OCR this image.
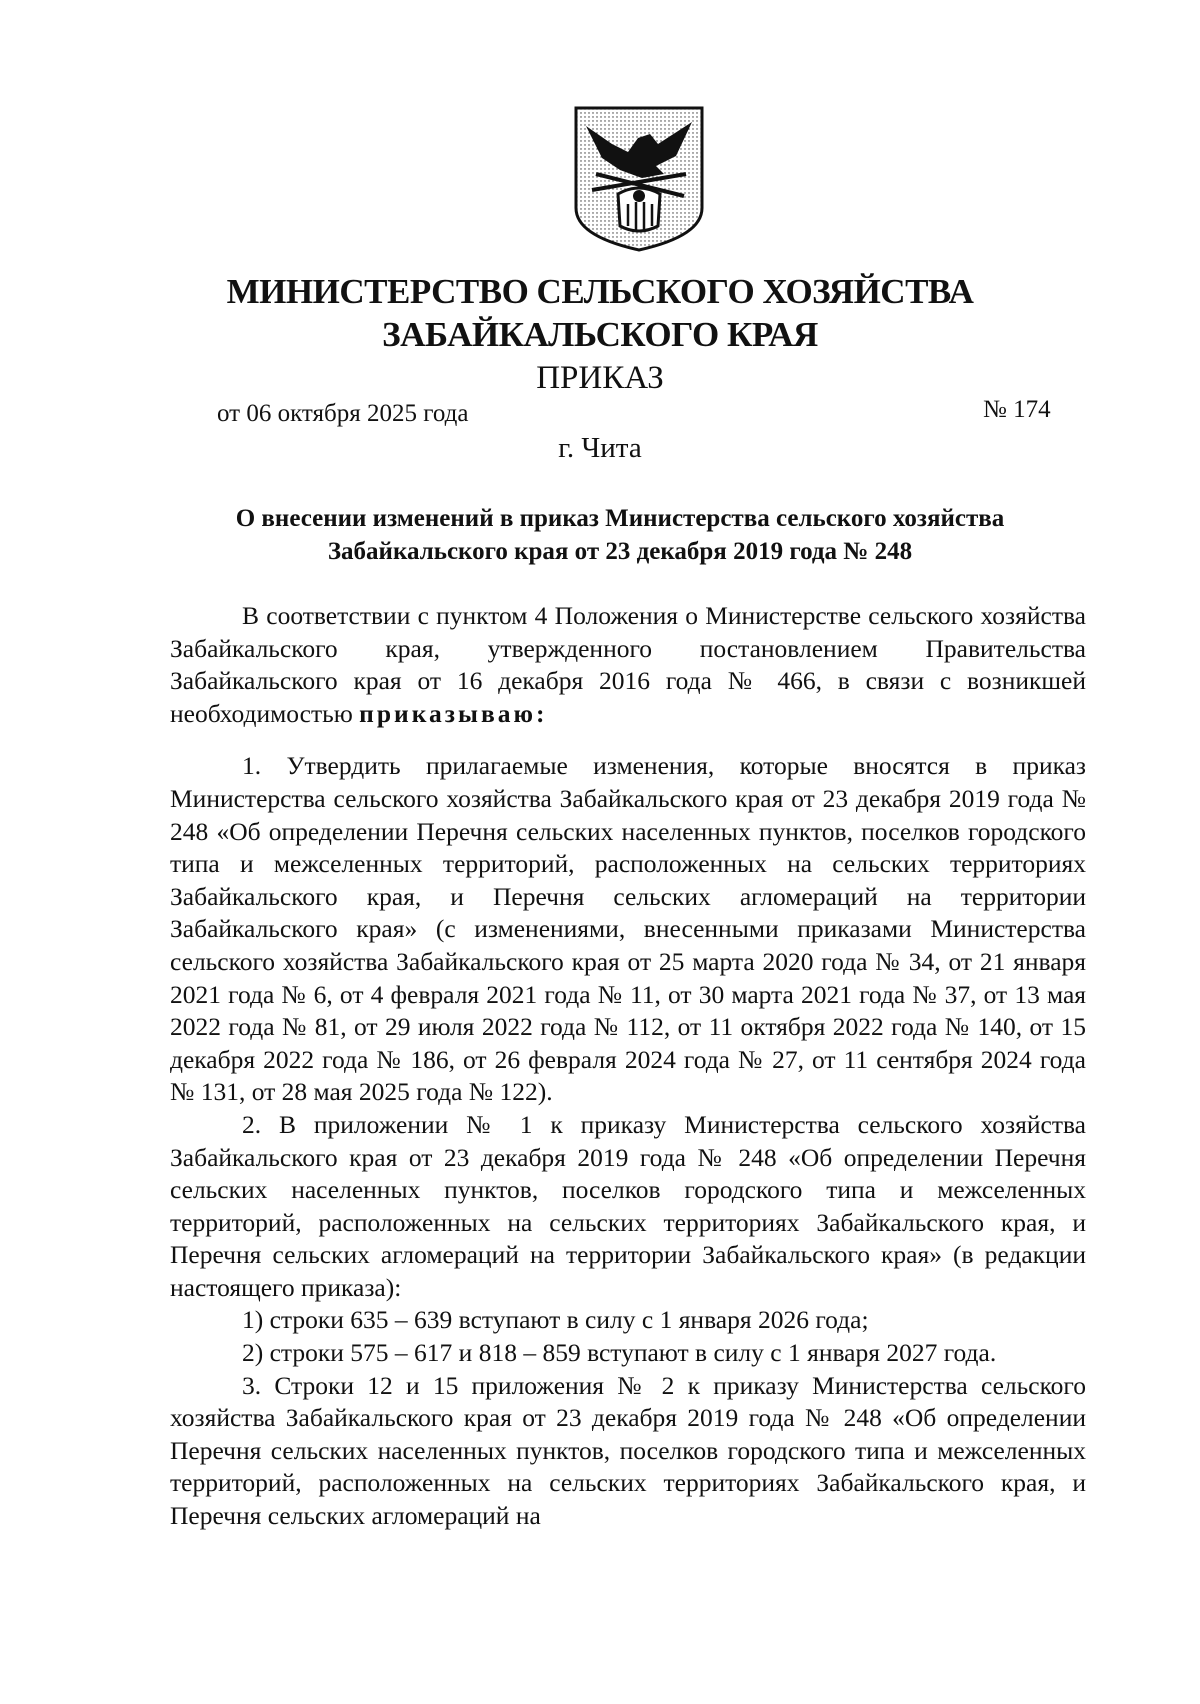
МИНИСТЕРСТВО СЕЛЬСКОГО ХОЗЯЙСТВА
ЗАБАЙКАЛЬСКОГО КРАЯ
ПРИКАЗ
от 06 октября 2025 года	№ 174
г. Чита
О внесении изменений в приказ Министерства сельского хозяйства
Забайкальского края от 23 декабря 2019 года № 248

В соответствии с пунктом 4 Положения о Министерстве сельского хозяйства Забайкальского края, утвержденного постановлением Правительства Забайкальского края от 16 декабря 2016 года № 466, в связи с возникшей необходимостью приказываю:

1. Утвердить прилагаемые изменения, которые вносятся в приказ Министерства сельского хозяйства Забайкальского края от 23 декабря 2019 года № 248 «Об определении Перечня сельских населенных пунктов, поселков городского типа и межселенных территорий, расположенных на сельских территориях Забайкальского края, и Перечня сельских агломераций на территории Забайкальского края» (с изменениями, внесенными приказами Министерства сельского хозяйства Забайкальского края от 25 марта 2020 года № 34, от 21 января 2021 года № 6, от 4 февраля 2021 года № 11, от 30 марта 2021 года № 37, от 13 мая 2022 года № 81, от 29 июля 2022 года № 112, от 11 октября 2022 года № 140, от 15 декабря 2022 года № 186, от 26 февраля 2024 года № 27, от 11 сентября 2024 года № 131, от 28 мая 2025 года № 122).

2. В приложении № 1 к приказу Министерства сельского хозяйства Забайкальского края от 23 декабря 2019 года № 248 «Об определении Перечня сельских населенных пунктов, поселков городского типа и межселенных территорий, расположенных на сельских территориях Забайкальского края, и Перечня сельских агломераций на территории Забайкальского края» (в редакции настоящего приказа):

1) строки 635 – 639 вступают в силу с 1 января 2026 года;

2) строки 575 – 617 и 818 – 859 вступают в силу с 1 января 2027 года.

3. Строки 12 и 15 приложения № 2 к приказу Министерства сельского хозяйства Забайкальского края от 23 декабря 2019 года № 248 «Об определении Перечня сельских населенных пунктов, поселков городского типа и межселенных территорий, расположенных на сельских территориях Забайкальского края, и Перечня сельских агломераций на
